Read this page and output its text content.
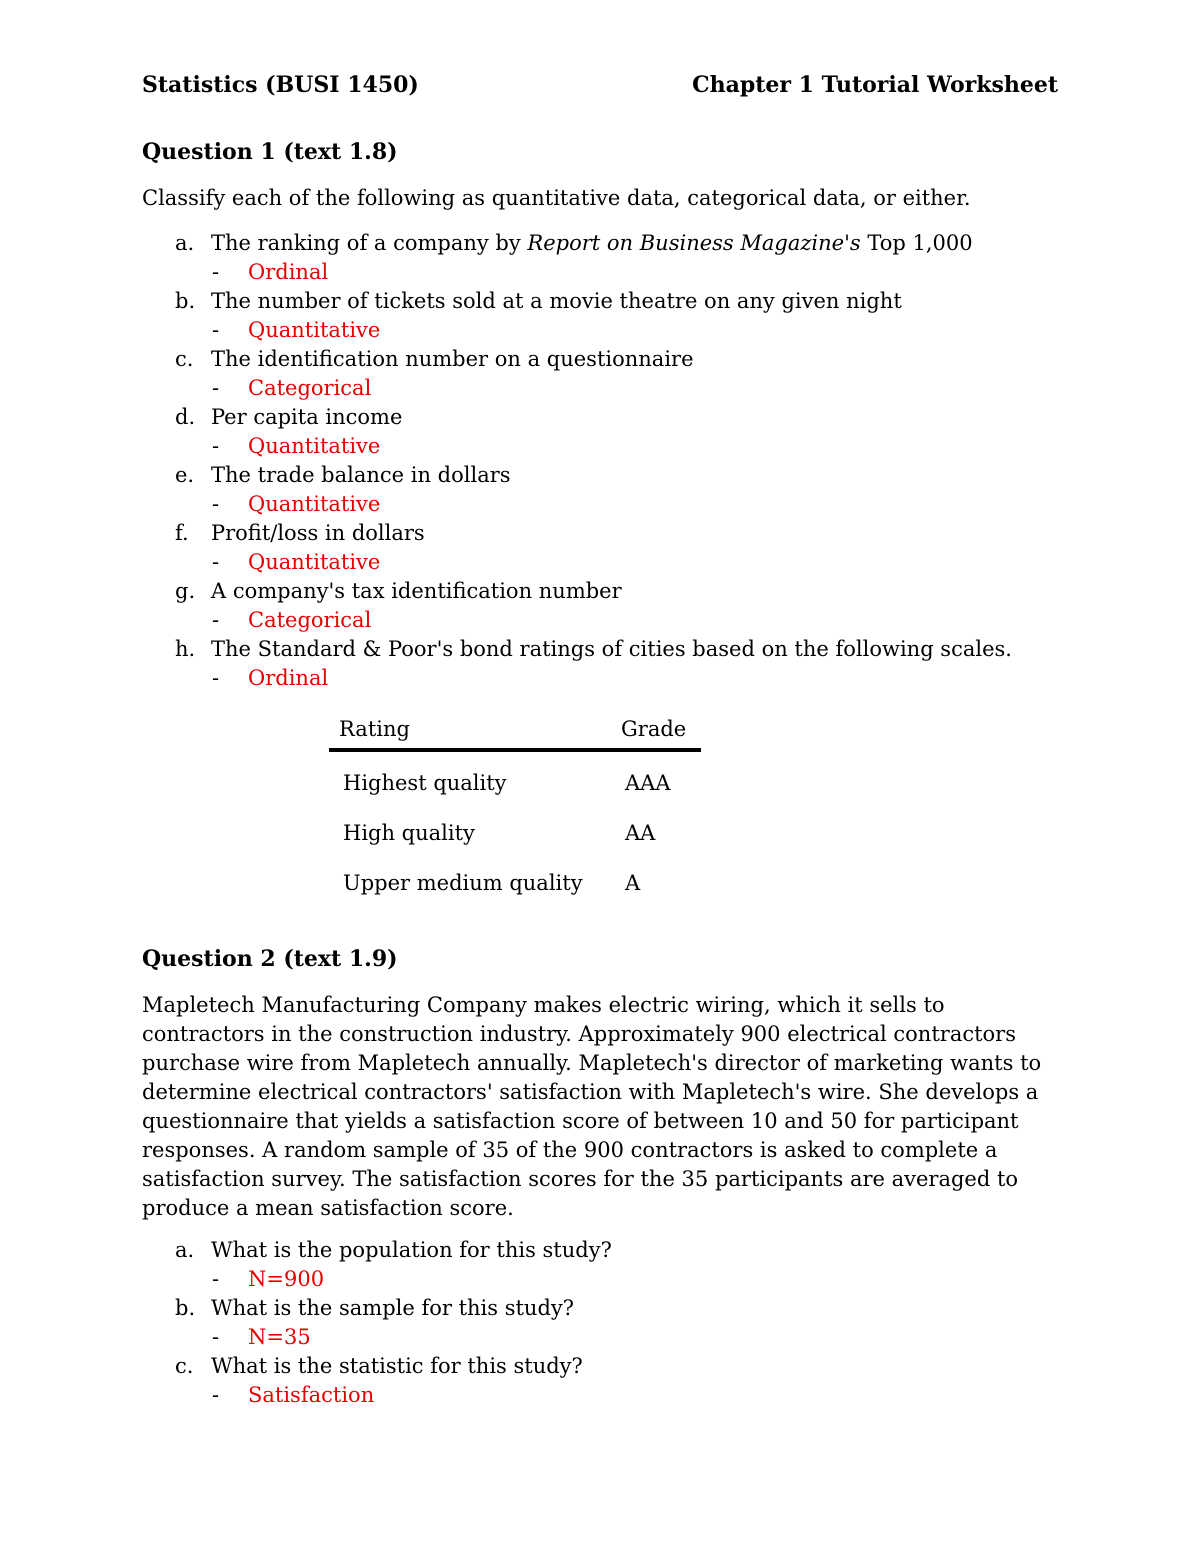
Statistics (BUSI 1450)	Chapter 1 Tutorial Worksheet
Question 1 (text 1.8)
Classify each of the following as quantitative data, categorical data, or either.
a. The ranking of a company by Report on Business Magazine's Top 1,000
-	Ordinal
b. The number of tickets sold at a movie theatre on any given night
-	Quantitative
c. The identification number on a questionnaire
-	Categorical
d. Per capita income
-	Quantitative
e. The trade balance in dollars
-	Quantitative
f.	Profit/loss in dollars
-	Quantitative
g. A company's tax identification number
-	Categorical
h. The Standard & Poor's bond ratings of cities based on the following scales.
-	Ordinal
Rating	Grade
Highest quality	AAA
High quality	AA
Upper medium quality	A
Question 2 (text 1.9)
Mapletech Manufacturing Company makes electric wiring, which it sells to contractors in the construction industry. Approximately 900 electrical contractors purchase wire from Mapletech annually. Mapletech's director of marketing wants to determine electrical contractors' satisfaction with Mapletech's wire. She develops a questionnaire that yields a satisfaction score of between 10 and 50 for participant responses. A random sample of 35 of the 900 contractors is asked to complete a satisfaction survey. The satisfaction scores for the 35 participants are averaged to produce a mean satisfaction score.
a. What is the population for this study?
-	N=900
b. What is the sample for this study?
-	N=35
c. What is the statistic for this study?
-	Satisfaction
